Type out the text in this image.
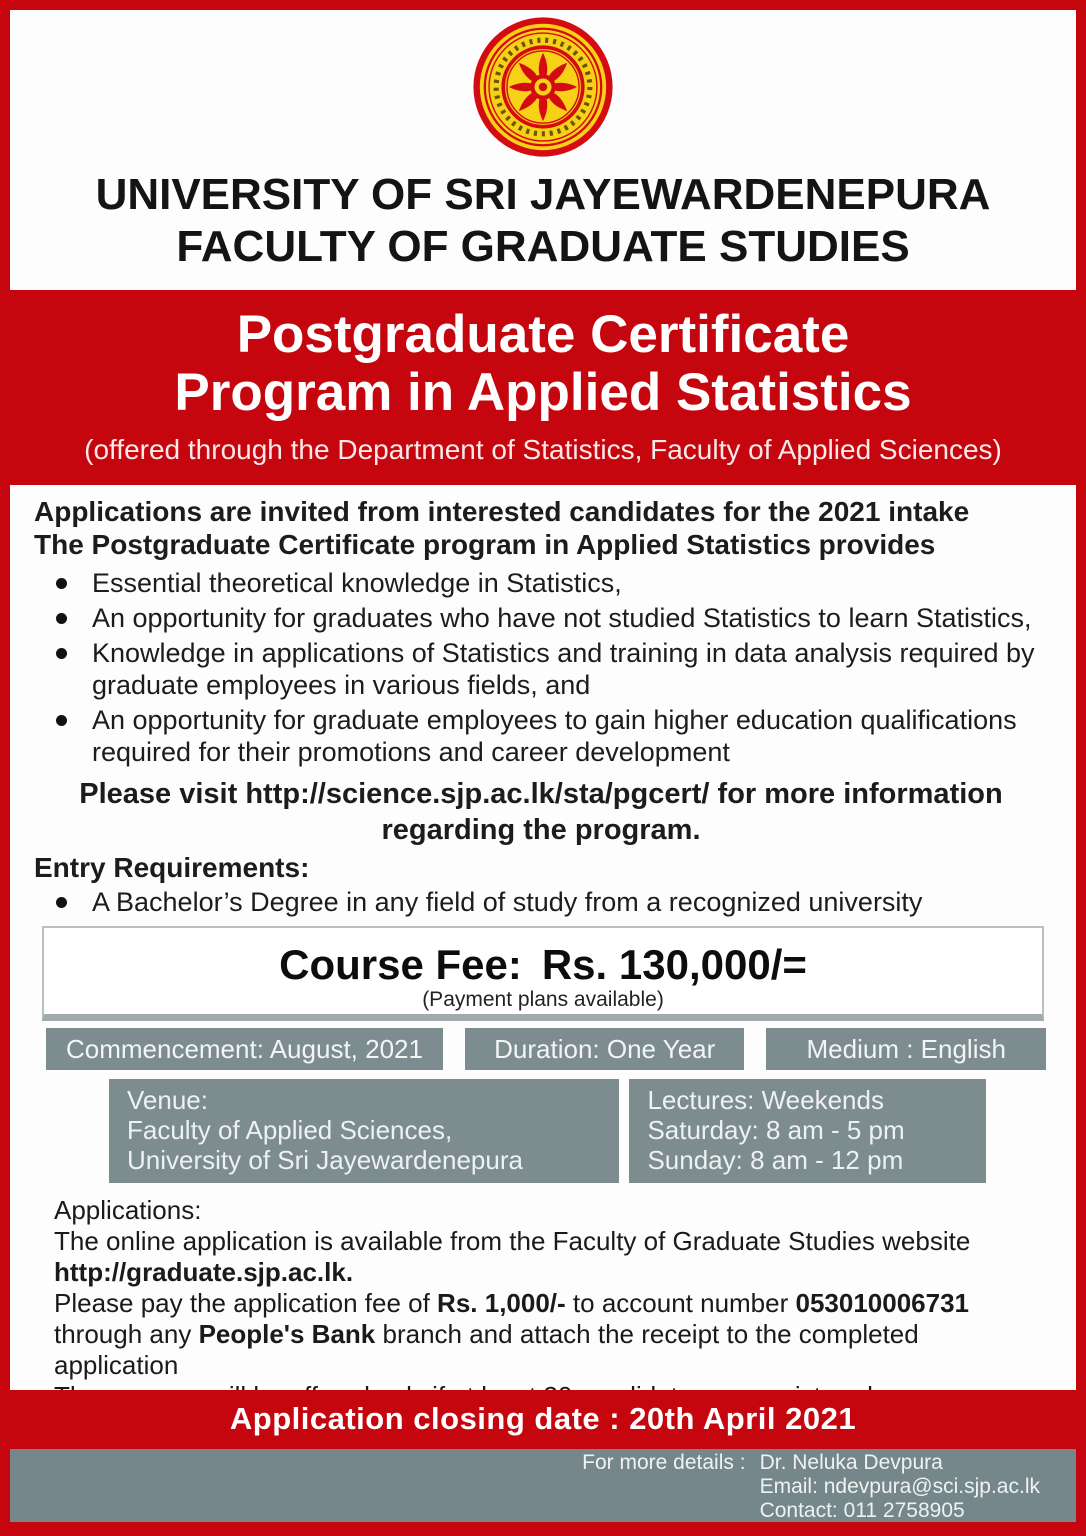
UNIVERSITY OF SRI JAYEWARDENEPURA
FACULTY OF GRADUATE STUDIES
Postgraduate Certificate
Program in Applied Statistics
(offered through the Department of Statistics, Faculty of Applied Sciences)
Applications are invited from interested candidates for the 2021 intake
The Postgraduate Certificate program in Applied Statistics provides
Essential theoretical knowledge in Statistics,
An opportunity for graduates who have not studied Statistics to learn Statistics,
Knowledge in applications of Statistics and training in data analysis required by graduate employees in various fields, and
An opportunity for graduate employees to gain higher education qualifications required for their promotions and career development
Please visit http://science.sjp.ac.lk/sta/pgcert/ for more information
regarding the program.
Entry Requirements:
A Bachelor’s Degree in any field of study from a recognized university
Course Fee: Rs. 130,000/=
(Payment plans available)
Commencement: August, 2021	Duration: One Year	Medium : English
Venue:
Faculty of Applied Sciences,
University of Sri Jayewardenepura
Lectures: Weekends
Saturday: 8 am - 5 pm
Sunday: 8 am - 12 pm
Applications:
The online application is available from the Faculty of Graduate Studies website
http://graduate.sjp.ac.lk.
Please pay the application fee of Rs. 1,000/- to account number 053010006731
through any People's Bank branch and attach the receipt to the completed application
Application closing date : 20th April 2021
For more details : Dr. Neluka Devpura
Email: ndevpura@sci.sjp.ac.lk
Contact: 011 2758905
